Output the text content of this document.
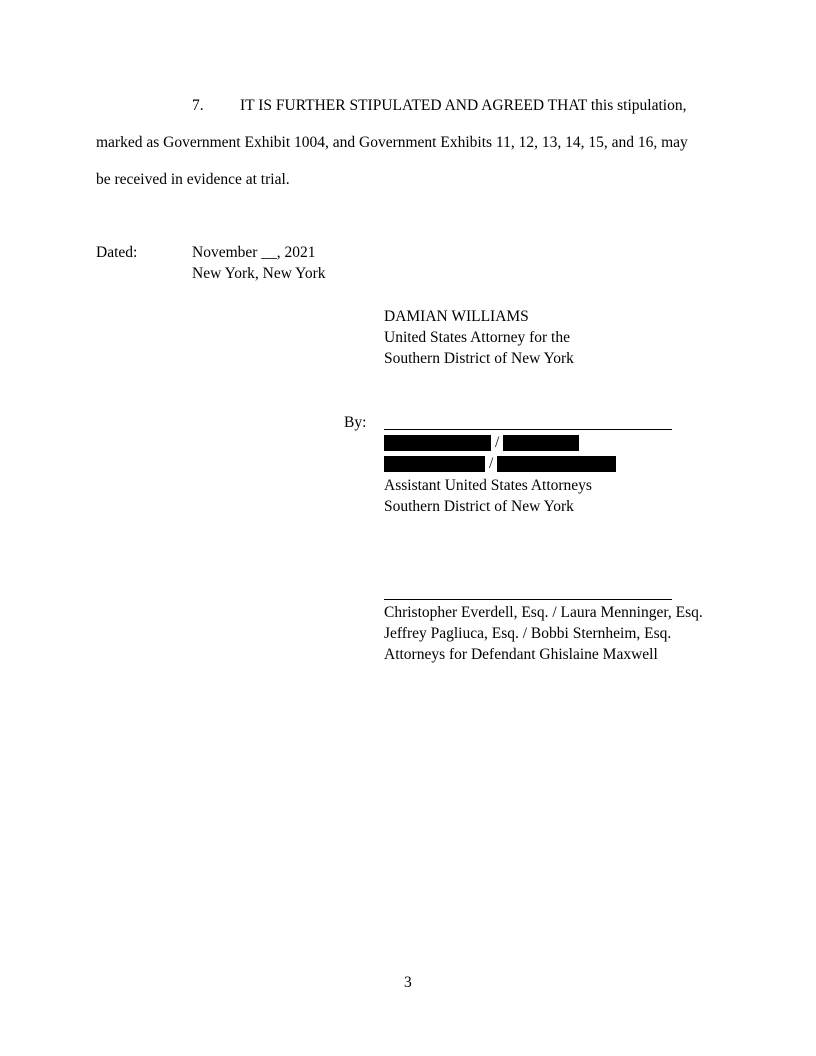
7. IT IS FURTHER STIPULATED AND AGREED THAT this stipulation,
marked as Government Exhibit 1004, and Government Exhibits 11, 12, 13, 14, 15, and 16, may
be received in evidence at trial.
Dated:	November __, 2021
New York, New York
DAMIAN WILLIAMS
United States Attorney for the
Southern District of New York
By:
/
/
Assistant United States Attorneys
Southern District of New York
Christopher Everdell, Esq. / Laura Menninger, Esq.
Jeffrey Pagliuca, Esq. / Bobbi Sternheim, Esq.
Attorneys for Defendant Ghislaine Maxwell
3
